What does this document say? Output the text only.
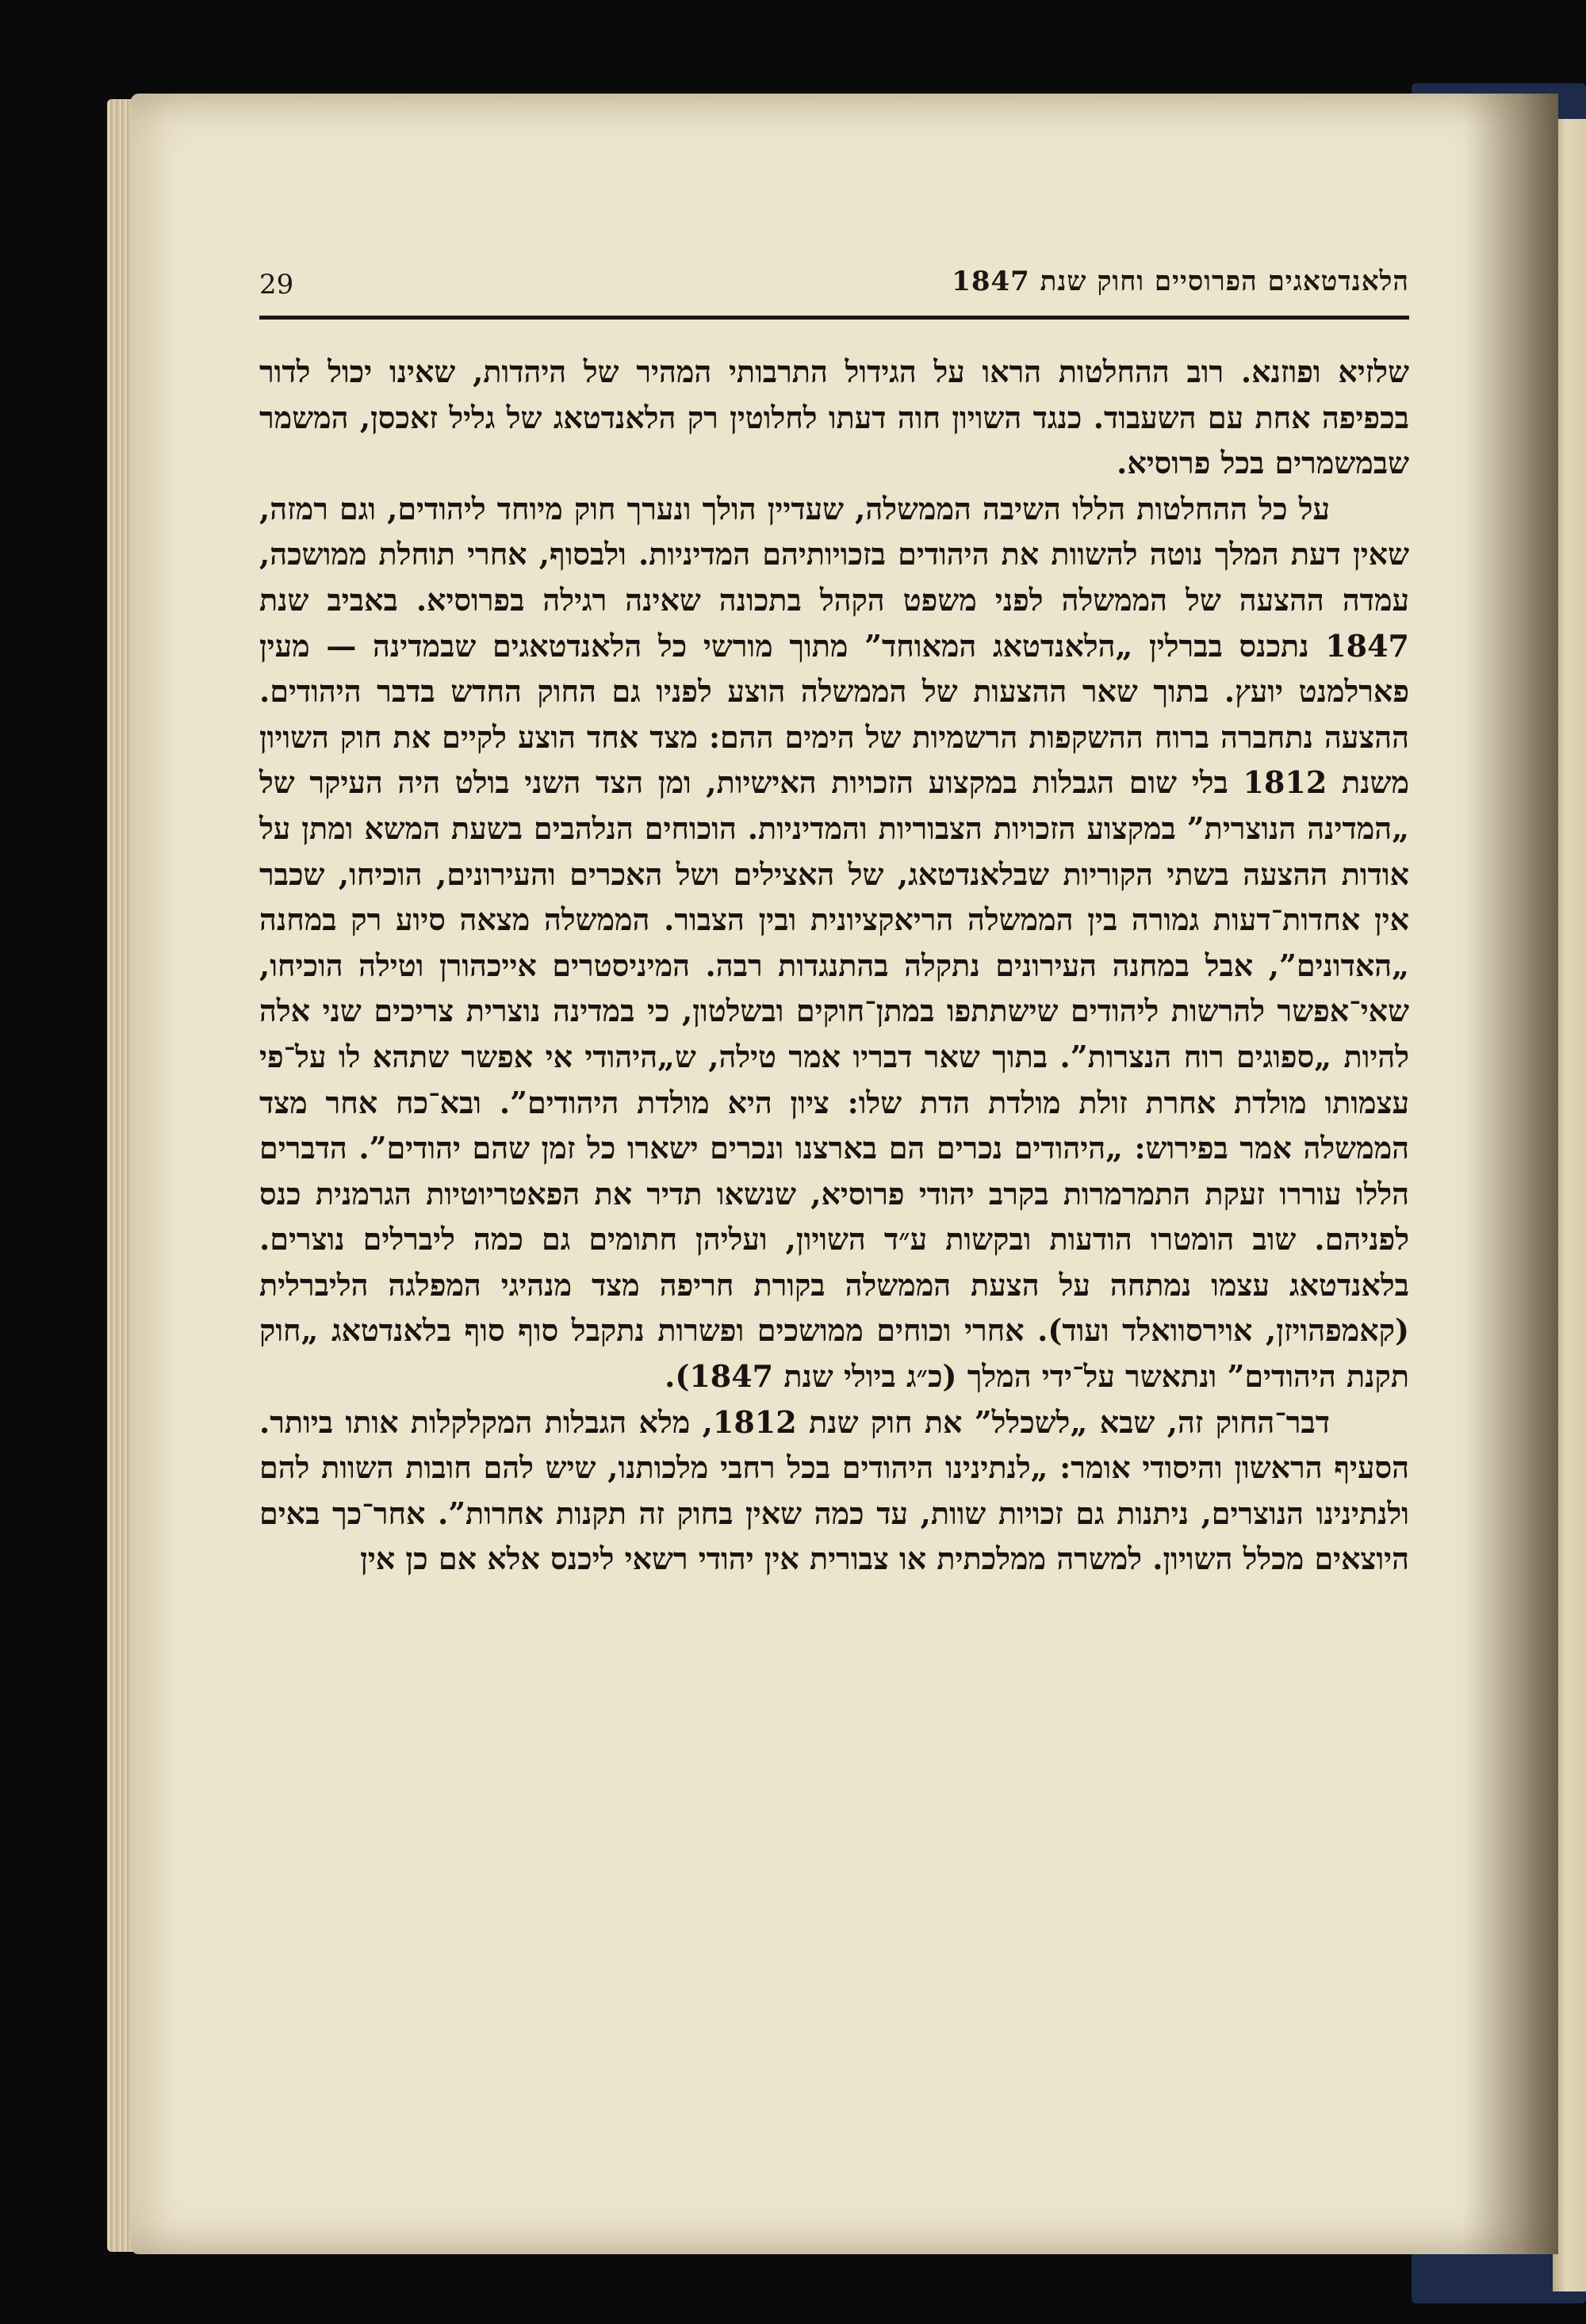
29	הלאנדטאגים הפרוסיים וחוק שנת 1847

שלזיא ופוזנא. רוב ההחלטות הראו על הגידול התרבותי המהיר של היהדות, שאינו יכול לדור בכפיפה אחת עם השעבוד. כנגד השויון חוה דעתו לחלוטין רק הלאנדטאג של גליל זאכסן, המשמר שבמשמרים בכל פרוסיא.

על כל ההחלטות הללו השיבה הממשלה, שעדיין הולך ונערך חוק מיוחד ליהודים, וגם רמזה, שאין דעת המלך נוטה להשוות את היהודים בזכויותיהם המדיניות. ולבסוף, אחרי תוחלת ממושכה, עמדה ההצעה של הממשלה לפני משפט הקהל בתכונה שאינה רגילה בפרוסיא. באביב שנת 1847 נתכנס בברלין „הלאנדטאג המאוחד” מתוך מורשי כל הלאנדטאגים שבמדינה — מעין פארלמנט יועץ. בתוך שאר ההצעות של הממשלה הוצע לפניו גם החוק החדש בדבר היהודים. ההצעה נתחברה ברוח ההשקפות הרשמיות של הימים ההם: מצד אחד הוצע לקיים את חוק השויון משנת 1812 בלי שום הגבלות במקצוע הזכויות האישיות, ומן הצד השני בולט היה העיקר של „המדינה הנוצרית” במקצוע הזכויות הצבוריות והמדיניות. הוכוחים הנלהבים בשעת המשא ומתן על אודות ההצעה בשתי הקוריות שבלאנדטאג, של האצילים ושל האכרים והעירונים, הוכיחו, שכבר אין אחדות־דעות גמורה בין הממשלה הריאקציונית ובין הצבור. הממשלה מצאה סיוע רק במחנה „האדונים”, אבל במחנה העירונים נתקלה בהתנגדות רבה. המיניסטרים אייכהורן וטילה הוכיחו, שאי־אפשר להרשות ליהודים שישתתפו במתן־חוקים ובשלטון, כי במדינה נוצרית צריכים שני אלה להיות „ספוגים רוח הנצרות”. בתוך שאר דבריו אמר טילה, ש„היהודי אי אפשר שתהא לו על־פי עצמותו מולדת אחרת זולת מולדת הדת שלו: ציון היא מולדת היהודים”. ובא־כח אחר מצד הממשלה אמר בפירוש: „היהודים נכרים הם בארצנו ונכרים ישארו כל זמן שהם יהודים”. הדברים הללו עוררו זעקת התמרמרות בקרב יהודי פרוסיא, שנשאו תדיר את הפאטריוטיות הגרמנית כנס לפניהם. שוב הומטרו הודעות ובקשות ע״ד השויון, ועליהן חתומים גם כמה ליברלים נוצרים. בלאנדטאג עצמו נמתחה על הצעת הממשלה בקורת חריפה מצד מנהיגי המפלגה הליברלית (קאמפהויזן, אוירסוואלד ועוד). אחרי וכוחים ממושכים ופשרות נתקבל סוף סוף בלאנדטאג „חוק תקנת היהודים” ונתאשר על־ידי המלך (כ״ג ביולי שנת 1847).

דבר־החוק זה, שבא „לשכלל” את חוק שנת 1812, מלא הגבלות המקלקלות אותו ביותר. הסעיף הראשון והיסודי אומר: „לנתינינו היהודים בכל רחבי מלכותנו, שיש להם חובות השוות להם ולנתינינו הנוצרים, ניתנות גם זכויות שוות, עד כמה שאין בחוק זה תקנות אחרות”. אחר־כך באים היוצאים מכלל השויון. למשרה ממלכתית או צבורית אין יהודי רשאי ליכנס אלא אם כן אין
